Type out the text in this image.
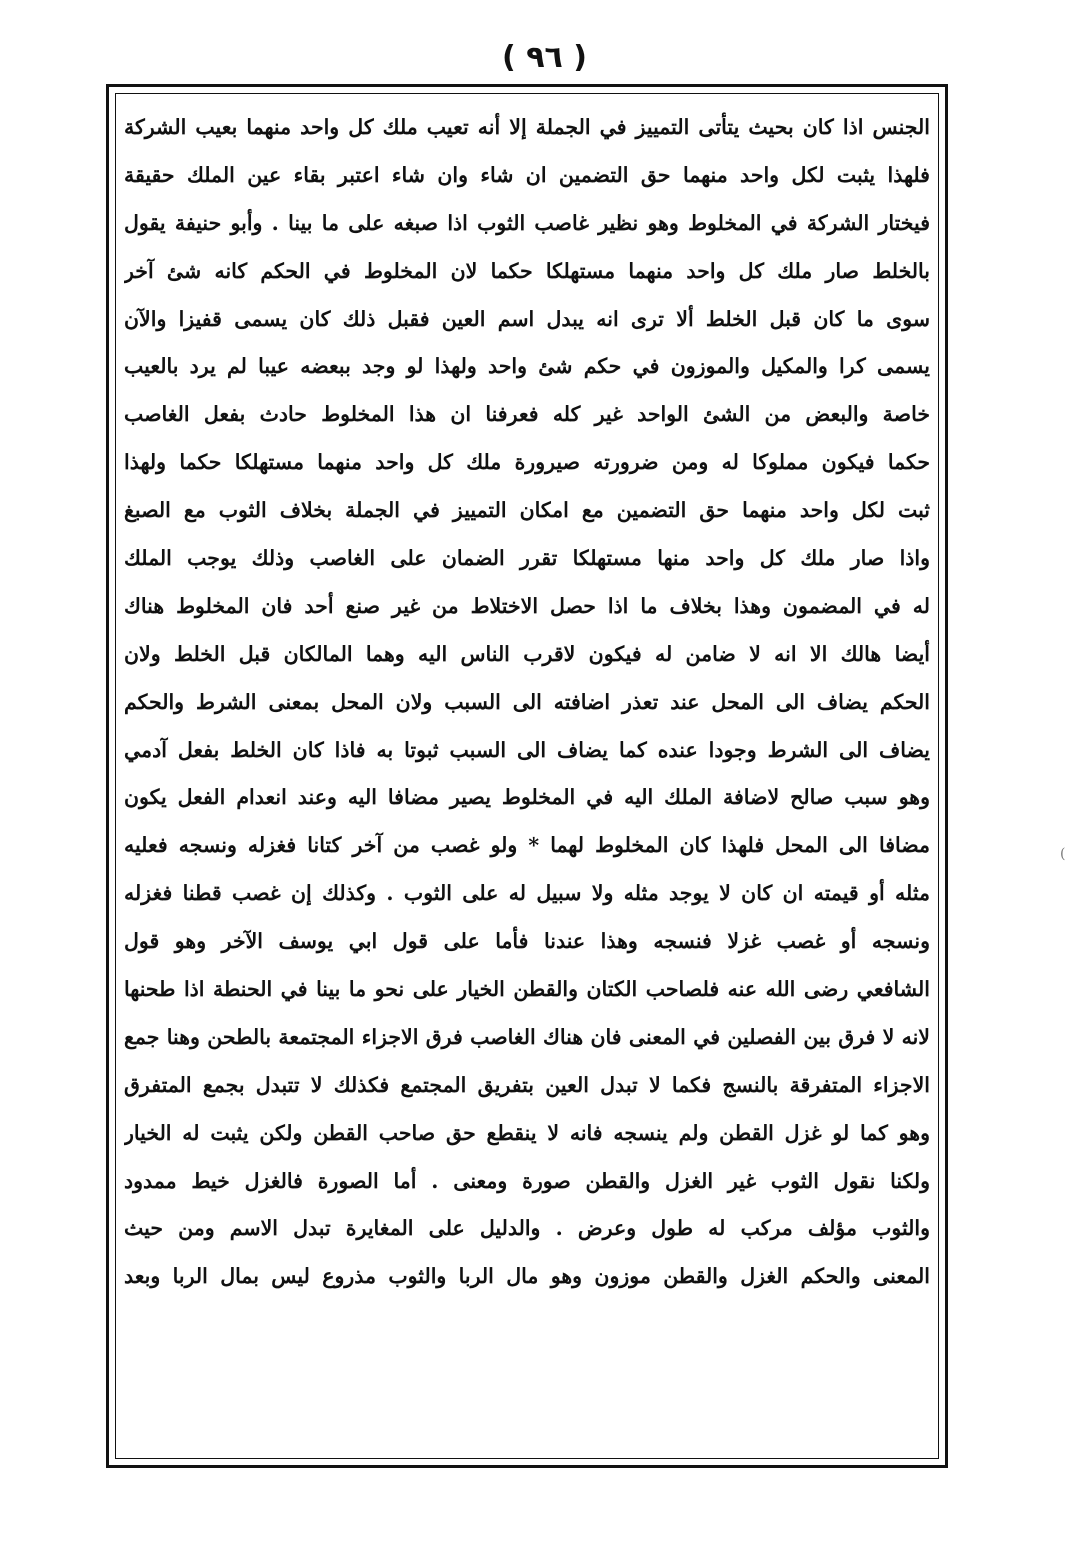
( ٩٦ )
الجنس اذا كان بحيث يتأتى التمييز في الجملة إلا أنه تعيب ملك كل واحد منهما بعيب الشركة
فلهذا يثبت لكل واحد منهما حق التضمين ان شاء وان شاء اعتبر بقاء عين الملك حقيقة
فيختار الشركة في المخلوط وهو نظير غاصب الثوب اذا صبغه على ما بينا . وأبو حنيفة يقول
بالخلط صار ملك كل واحد منهما مستهلكا حكما لان المخلوط في الحكم كانه شئ آخر
سوى ما كان قبل الخلط ألا ترى انه يبدل اسم العين فقبل ذلك كان يسمى قفيزا والآن
يسمى كرا والمكيل والموزون في حكم شئ واحد ولهذا لو وجد ببعضه عيبا لم يرد بالعيب
خاصة والبعض من الشئ الواحد غير كله فعرفنا ان هذا المخلوط حادث بفعل الغاصب
حكما فيكون مملوكا له ومن ضرورته صيرورة ملك كل واحد منهما مستهلكا حكما ولهذا
ثبت لكل واحد منهما حق التضمين مع امكان التمييز في الجملة بخلاف الثوب مع الصبغ
واذا صار ملك كل واحد منها مستهلكا تقرر الضمان على الغاصب وذلك يوجب الملك
له في المضمون وهذا بخلاف ما اذا حصل الاختلاط من غير صنع أحد فان المخلوط هناك
أيضا هالك الا انه لا ضامن له فيكون لاقرب الناس اليه وهما المالكان قبل الخلط ولان
الحكم يضاف الى المحل عند تعذر اضافته الى السبب ولان المحل بمعنى الشرط والحكم
يضاف الى الشرط وجودا عنده كما يضاف الى السبب ثبوتا به فاذا كان الخلط بفعل آدمي
وهو سبب صالح لاضافة الملك اليه في المخلوط يصير مضافا اليه وعند انعدام الفعل يكون
مضافا الى المحل فلهذا كان المخلوط لهما * ولو غصب من آخر كتانا فغزله ونسجه فعليه
مثله أو قيمته ان كان لا يوجد مثله ولا سبيل له على الثوب . وكذلك إن غصب قطنا فغزله
ونسجه أو غصب غزلا فنسجه وهذا عندنا فأما على قول ابي يوسف الآخر وهو قول
الشافعي رضى الله عنه فلصاحب الكتان والقطن الخيار على نحو ما بينا في الحنطة اذا طحنها
لانه لا فرق بين الفصلين في المعنى فان هناك الغاصب فرق الاجزاء المجتمعة بالطحن وهنا جمع
الاجزاء المتفرقة بالنسج فكما لا تبدل العين بتفريق المجتمع فكذلك لا تتبدل بجمع المتفرق
وهو كما لو غزل القطن ولم ينسجه فانه لا ينقطع حق صاحب القطن ولكن يثبت له الخيار
ولكنا نقول الثوب غير الغزل والقطن صورة ومعنى . أما الصورة فالغزل خيط ممدود
والثوب مؤلف مركب له طول وعرض . والدليل على المغايرة تبدل الاسم ومن حيث
المعنى والحكم الغزل والقطن موزون وهو مال الربا والثوب مذروع ليس بمال الربا وبعد
(
